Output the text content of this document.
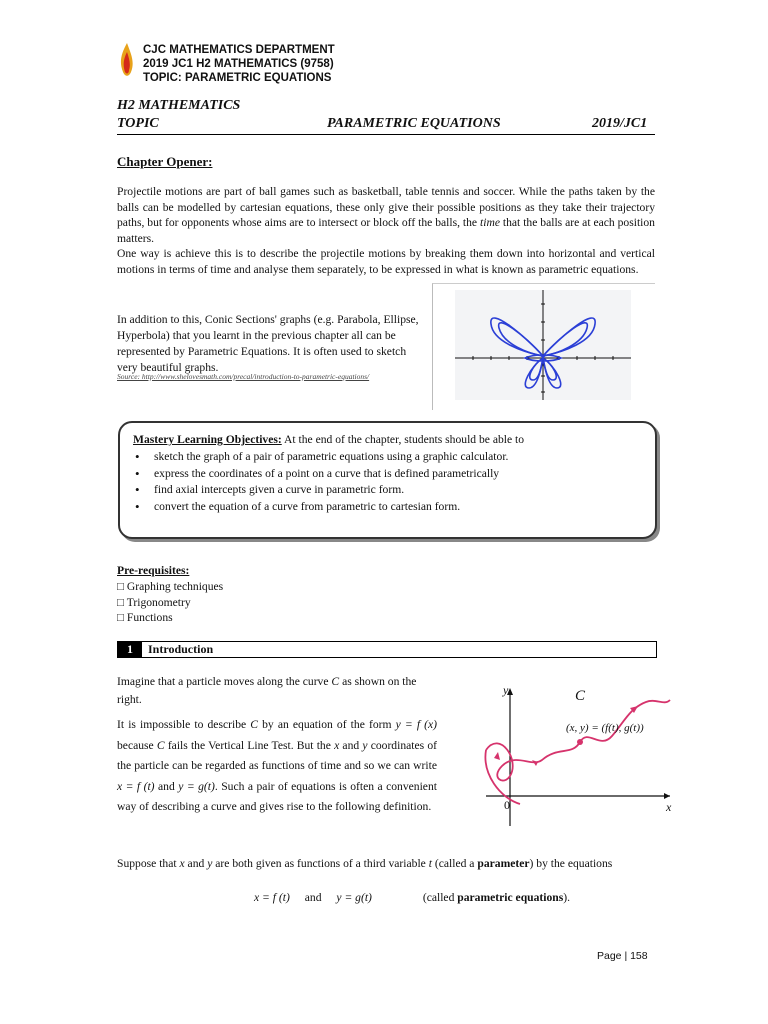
CJC MATHEMATICS DEPARTMENT
2019 JC1 H2 MATHEMATICS (9758)
TOPIC: PARAMETRIC EQUATIONS
H2 MATHEMATICS
TOPIC	PARAMETRIC EQUATIONS	2019/JC1
Chapter Opener:
Projectile motions are part of ball games such as basketball, table tennis and soccer. While the paths taken by the balls can be modelled by cartesian equations, these only give their possible positions as they take their trajectory paths, but for opponents whose aims are to intersect or block off the balls, the time that the balls are at each position matters.
One way is achieve this is to describe the projectile motions by breaking them down into horizontal and vertical motions in terms of time and analyse them separately, to be expressed in what is known as parametric equations.
In addition to this, Conic Sections' graphs (e.g. Parabola, Ellipse, Hyperbola) that you learnt in the previous chapter all can be represented by Parametric Equations. It is often used to sketch very beautiful graphs.
Source: http://www.shelovesmath.com/precal/introduction-to-parametric-equations/
Mastery Learning Objectives: At the end of the chapter, students should be able to
• sketch the graph of a pair of parametric equations using a graphic calculator.
• express the coordinates of a point on a curve that is defined parametrically
• find axial intercepts given a curve in parametric form.
• convert the equation of a curve from parametric to cartesian form.
Pre-requisites:
□ Graphing techniques
□ Trigonometry
□ Functions
1	Introduction
Imagine that a particle moves along the curve C as shown on the right.
It is impossible to describe C by an equation of the form y = f (x) because C fails the Vertical Line Test. But the x and y coordinates of the particle can be regarded as functions of time and so we can write x = f (t) and y = g(t). Such a pair of equations is often a convenient way of describing a curve and gives rise to the following definition.
y
x
0
C
(x, y) = (f(t), g(t))
Suppose that x and y are both given as functions of a third variable t (called a parameter) by the equations
x = f (t) and y = g(t)	(called parametric equations).
Page | 158
